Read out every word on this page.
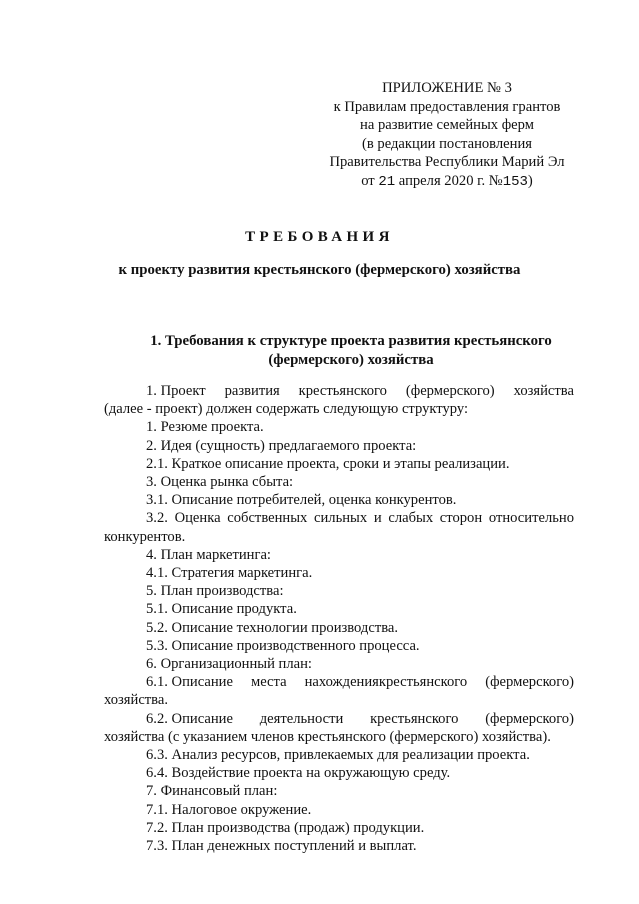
ПРИЛОЖЕНИЕ № 3
к Правилам предоставления грантов
на развитие семейных ферм
(в редакции постановления
Правительства Республики Марий Эл
от 21 апреля 2020 г. №153)
ТРЕБОВАНИЯ
к проекту развития крестьянского (фермерского) хозяйства
1. Требования к структуре проекта развития крестьянского
(фермерского) хозяйства
1. Проект развития крестьянского (фермерского) хозяйства

(далее - проект) должен содержать следующую структуру:

1. Резюме проекта.

2. Идея (сущность) предлагаемого проекта:

2.1. Краткое описание проекта, сроки и этапы реализации.

3. Оценка рынка сбыта:

3.1. Описание потребителей, оценка конкурентов.

3.2. Оценка собственных сильных и слабых сторон относительно конкурентов.

4. План маркетинга:

4.1. Стратегия маркетинга.

5. План производства:

5.1. Описание продукта.

5.2. Описание технологии производства.

5.3. Описание производственного процесса.

6. Организационный план:

6.1. Описание места нахождениякрестьянского (фермерского)

хозяйства.

6.2. Описание деятельности крестьянского (фермерского)

хозяйства (с указанием членов крестьянского (фермерского) хозяйства).

6.3. Анализ ресурсов, привлекаемых для реализации проекта.

6.4. Воздействие проекта на окружающую среду.

7. Финансовый план:

7.1. Налоговое окружение.

7.2. План производства (продаж) продукции.

7.3. План денежных поступлений и выплат.
